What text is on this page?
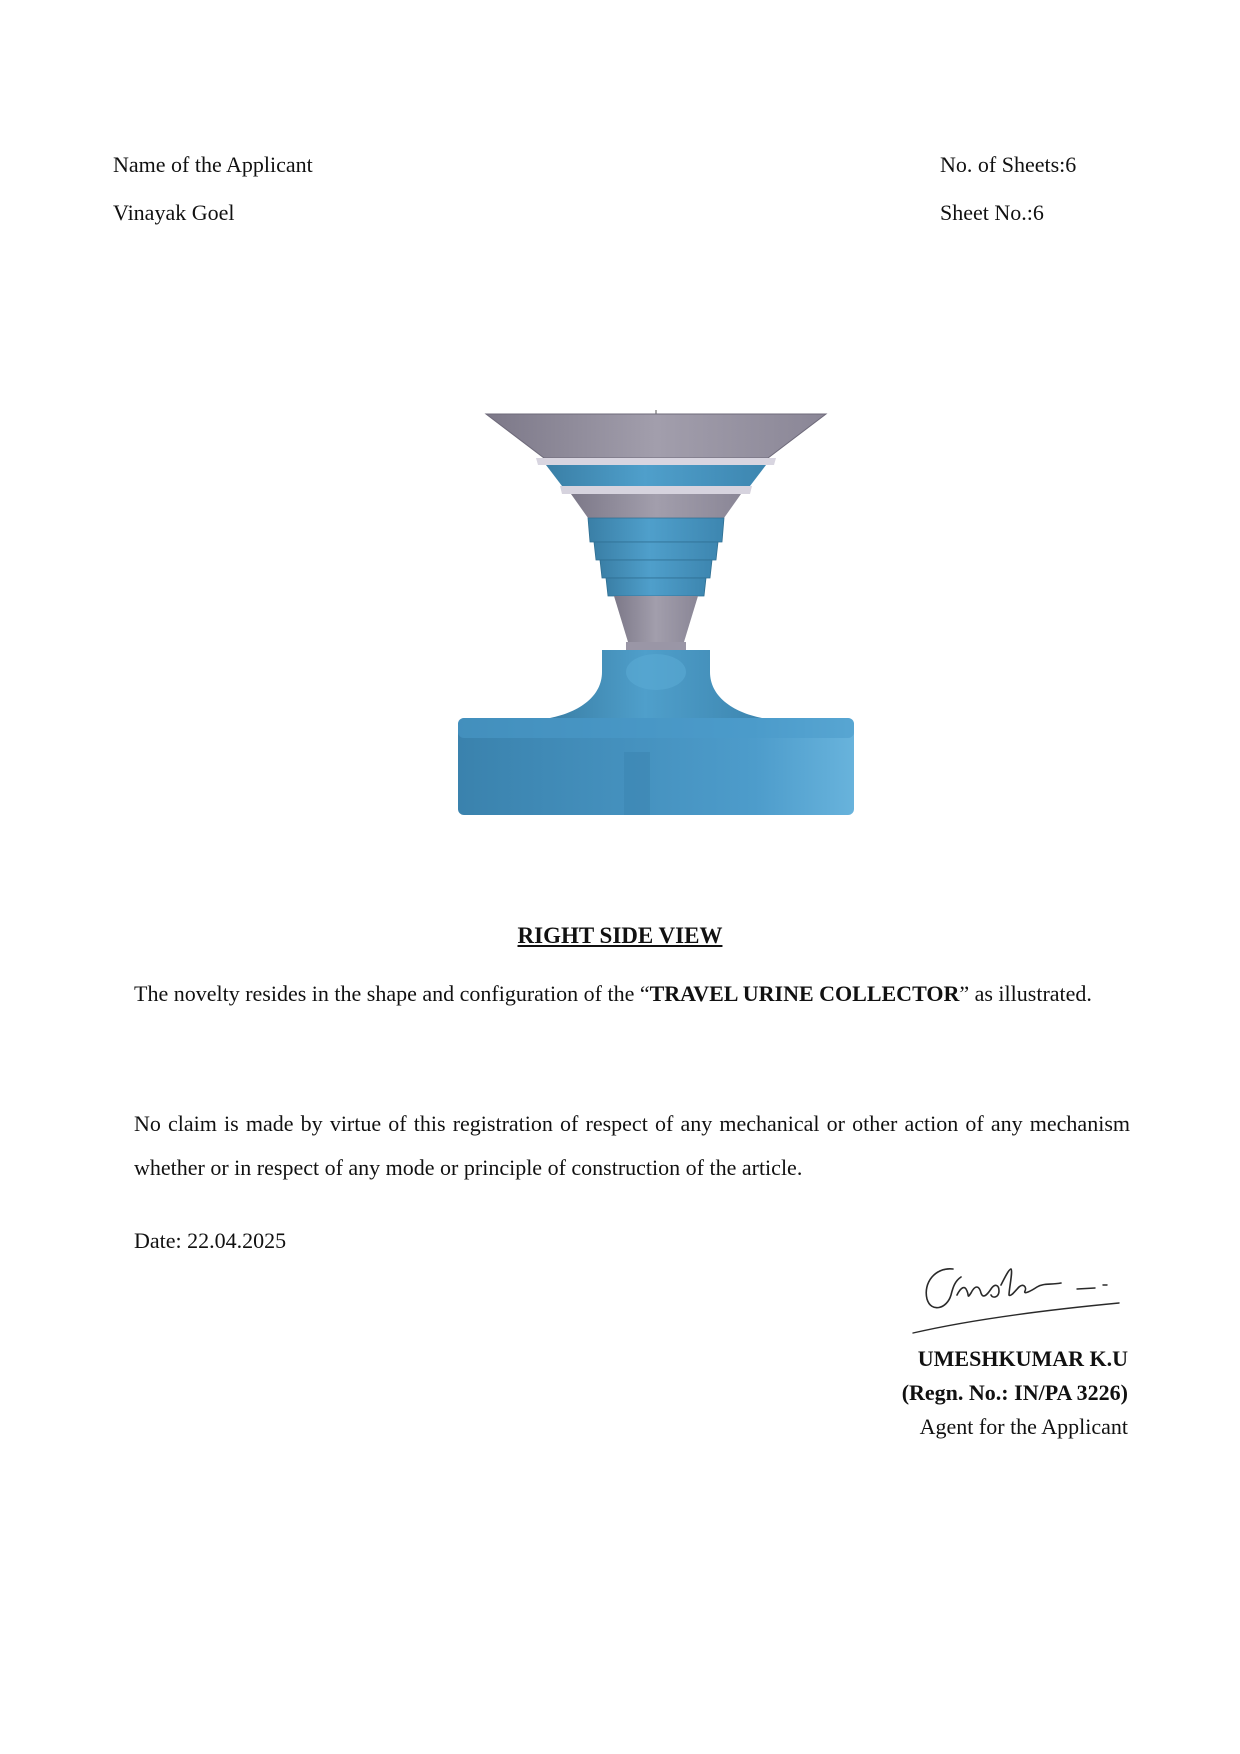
Name of the Applicant
Vinayak Goel
No. of Sheets:6
Sheet No.:6
RIGHT SIDE VIEW
The novelty resides in the shape and configuration of the “TRAVEL URINE COLLECTOR” as illustrated.
No claim is made by virtue of this registration of respect of any mechanical or other action of any mechanism whether or in respect of any mode or principle of construction of the article.
Date: 22.04.2025
UMESHKUMAR K.U
(Regn. No.: IN/PA 3226)
Agent for the Applicant
